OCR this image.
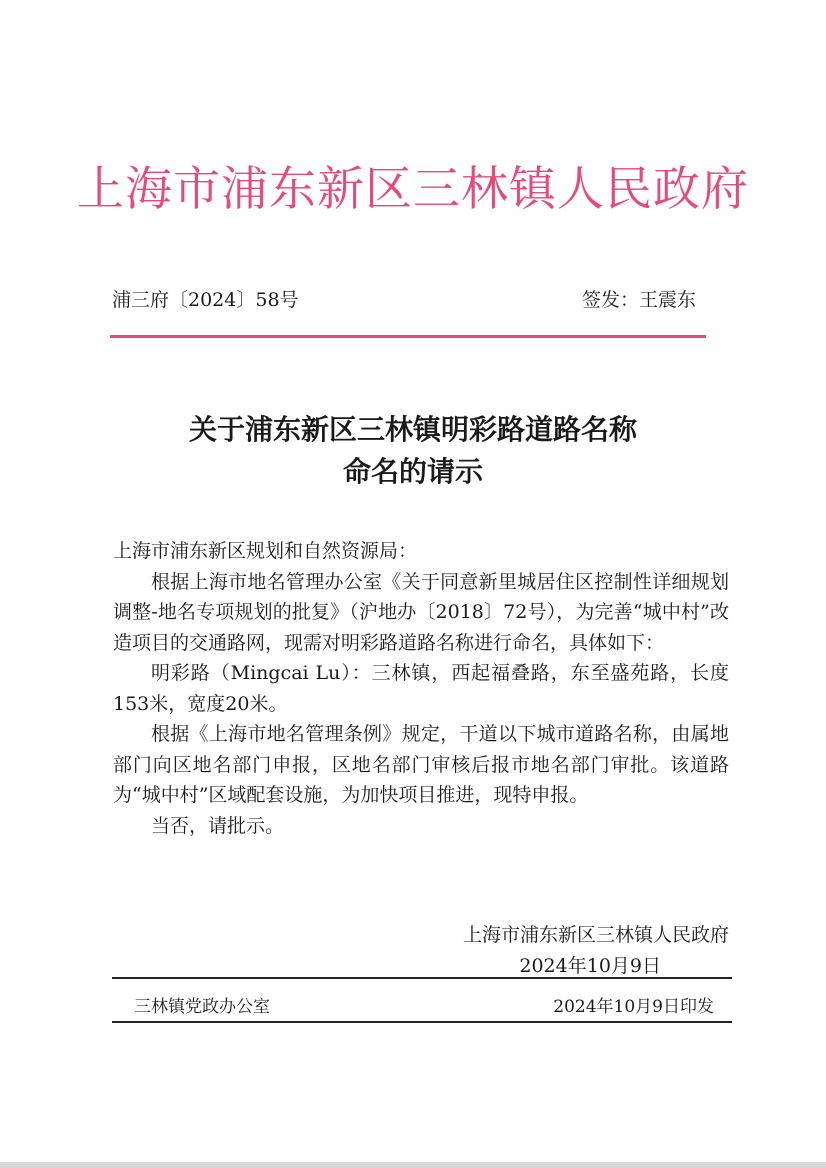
上海市浦东新区三林镇人民政府
浦三府〔2024〕58号	签发：王震东
关于浦东新区三林镇明彩路道路名称
命名的请示

上海市浦东新区规划和自然资源局：

根据上海市地名管理办公室《关于同意新里城居住区控制性详细规划调整-地名专项规划的批复》（沪地办〔2018〕72号），为完善“城中村”改造项目的交通路网，现需对明彩路道路名称进行命名，具体如下：

明彩路（Mingcai Lu）：三林镇，西起福叠路，东至盛苑路，长度153米，宽度20米。

根据《上海市地名管理条例》规定，干道以下城市道路名称，由属地部门向区地名部门申报，区地名部门审核后报市地名部门审批。该道路为“城中村”区域配套设施，为加快项目推进，现特申报。

当否，请批示。

上海市浦东新区三林镇人民政府
2024年10月9日
三林镇党政办公室	2024年10月9日印发
